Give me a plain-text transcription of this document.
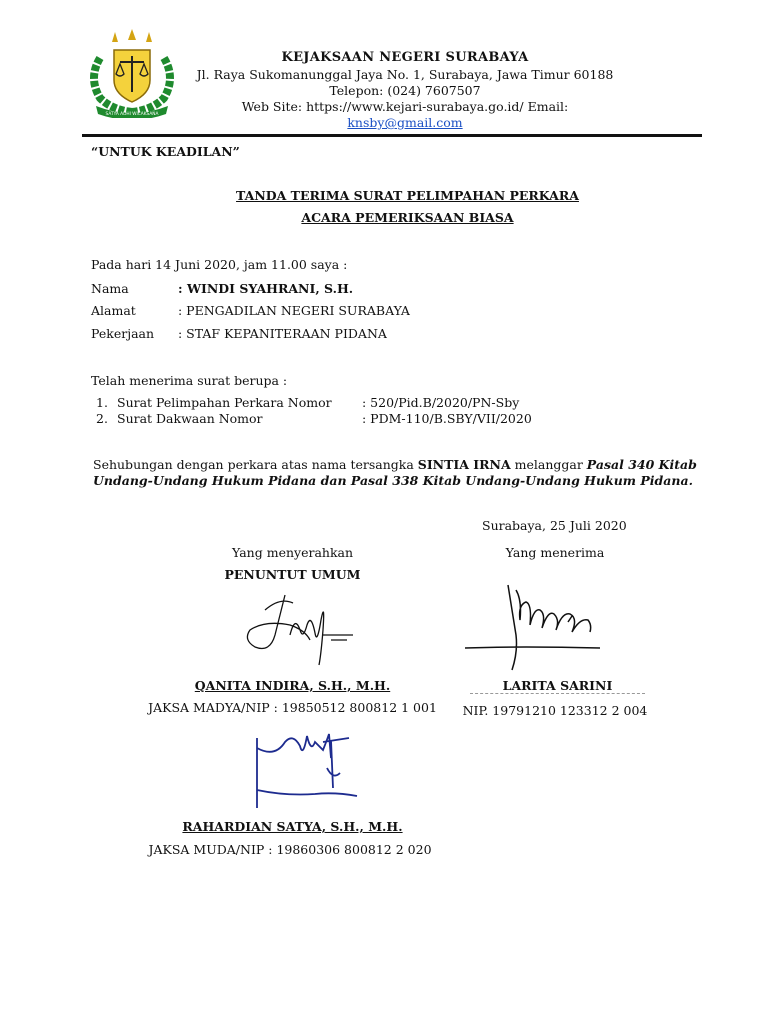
SATYA ADHI WICAKSANA
KEJAKSAAN NEGERI SURABAYA
Jl. Raya Sukomanunggal Jaya No. 1, Surabaya, Jawa Timur 60188
Telepon: (024) 7607507
Web Site: https://www.kejari-surabaya.go.id/ Email: knsby@gmail.com
“UNTUK KEADILAN”
TANDA TERIMA SURAT PELIMPAHAN PERKARA
ACARA PEMERIKSAAN BIASA
Pada hari 14 Juni 2020, jam 11.00 saya :
Nama	: WINDI SYAHRANI, S.H.
Alamat	: PENGADILAN NEGERI SURABAYA
Pekerjaan : STAF KEPANITERAAN PIDANA
Telah menerima surat berupa :
1. Surat Pelimpahan Perkara Nomor : 520/Pid.B/2020/PN-Sby
2. Surat Dakwaan Nomor	: PDM-110/B.SBY/VII/2020
Sehubungan dengan perkara atas nama tersangka SINTIA IRNA melanggar Pasal 340 Kitab Undang-Undang Hukum Pidana dan Pasal 338 Kitab Undang-Undang Hukum Pidana.
Surabaya, 25 Juli 2020
Yang menyerahkan
PENUNTUT UMUM
QANITA INDIRA, S.H., M.H.
JAKSA MADYA/NIP : 19850512 800812 1 001
Yang menerima
LARITA SARINI
NIP. 19791210 123312 2 004
RAHARDIAN SATYA, S.H., M.H.
JAKSA MUDA/NIP : 19860306 800812 2 020
